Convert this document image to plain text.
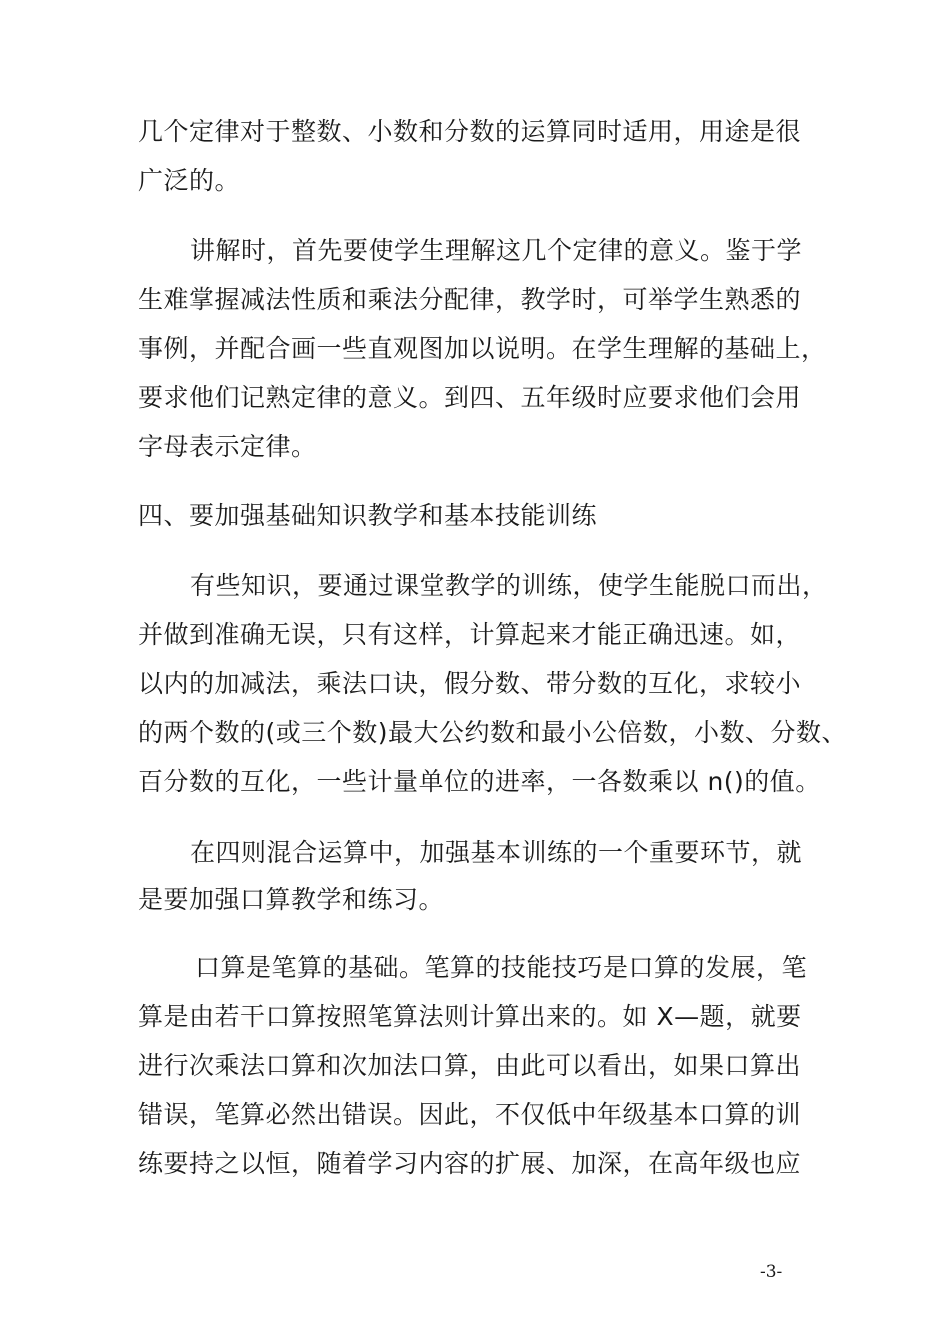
几个定律对于整数、小数和分数的运算同时适用，用途是很
广泛的。
讲解时，首先要使学生理解这几个定律的意义。鉴于学
生难掌握减法性质和乘法分配律，教学时，可举学生熟悉的
事例，并配合画一些直观图加以说明。在学生理解的基础上，
要求他们记熟定律的意义。到四、五年级时应要求他们会用
字母表示定律。
四、要加强基础知识教学和基本技能训练
有些知识，要通过课堂教学的训练，使学生能脱口而出，
并做到准确无误，只有这样，计算起来才能正确迅速。如，
以内的加减法，乘法口诀，假分数、带分数的互化，求较小
的两个数的(或三个数)最大公约数和最小公倍数，小数、分数、
百分数的互化，一些计量单位的进率，一各数乘以 n()的值。
在四则混合运算中，加强基本训练的一个重要环节，就
是要加强口算教学和练习。
口算是笔算的基础。笔算的技能技巧是口算的发展，笔
算是由若干口算按照笔算法则计算出来的。如 X—题，就要
进行次乘法口算和次加法口算，由此可以看出，如果口算出
错误，笔算必然出错误。因此，不仅低中年级基本口算的训
练要持之以恒，随着学习内容的扩展、加深，在高年级也应
-3-
